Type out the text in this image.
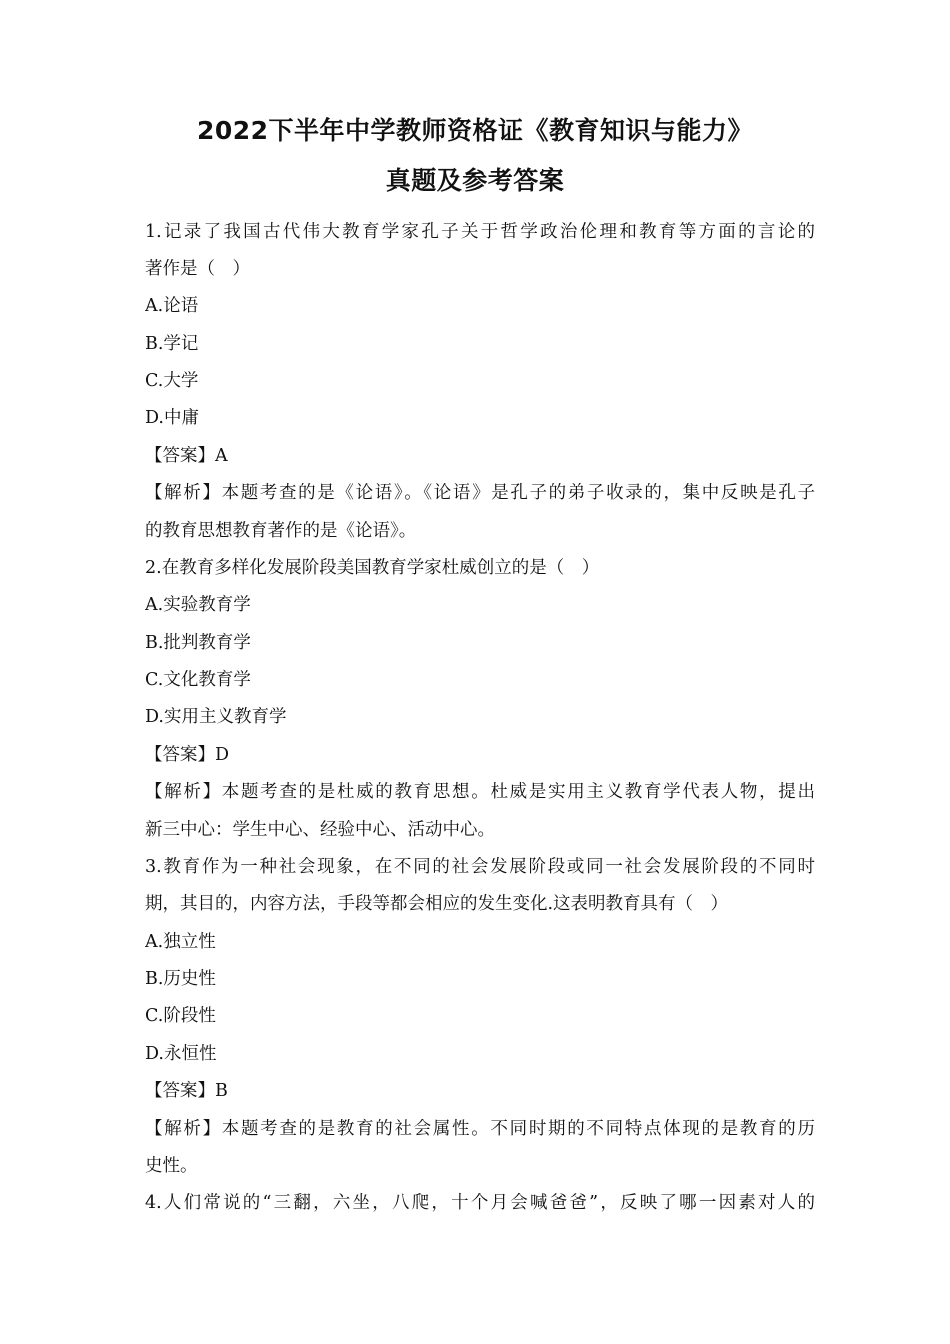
2022下半年中学教师资格证《教育知识与能力》
真题及参考答案
1.记录了我国古代伟大教育学家孔子关于哲学政治伦理和教育等方面的言论的
著作是（　）
A.论语
B.学记
C.大学
D.中庸
【答案】A
【解析】本题考查的是《论语》。《论语》是孔子的弟子收录的，集中反映是孔子
的教育思想教育著作的是《论语》。
2.在教育多样化发展阶段美国教育学家杜威创立的是（　）
A.实验教育学
B.批判教育学
C.文化教育学
D.实用主义教育学
【答案】D
【解析】本题考查的是杜威的教育思想。杜威是实用主义教育学代表人物，提出
新三中心：学生中心、经验中心、活动中心。
3.教育作为一种社会现象，在不同的社会发展阶段或同一社会发展阶段的不同时
期，其目的，内容方法，手段等都会相应的发生变化.这表明教育具有（　）
A.独立性
B.历史性
C.阶段性
D.永恒性
【答案】B
【解析】本题考查的是教育的社会属性。不同时期的不同特点体现的是教育的历
史性。
4.人们常说的“三翻，六坐，八爬，十个月会喊爸爸”，反映了哪一因素对人的
